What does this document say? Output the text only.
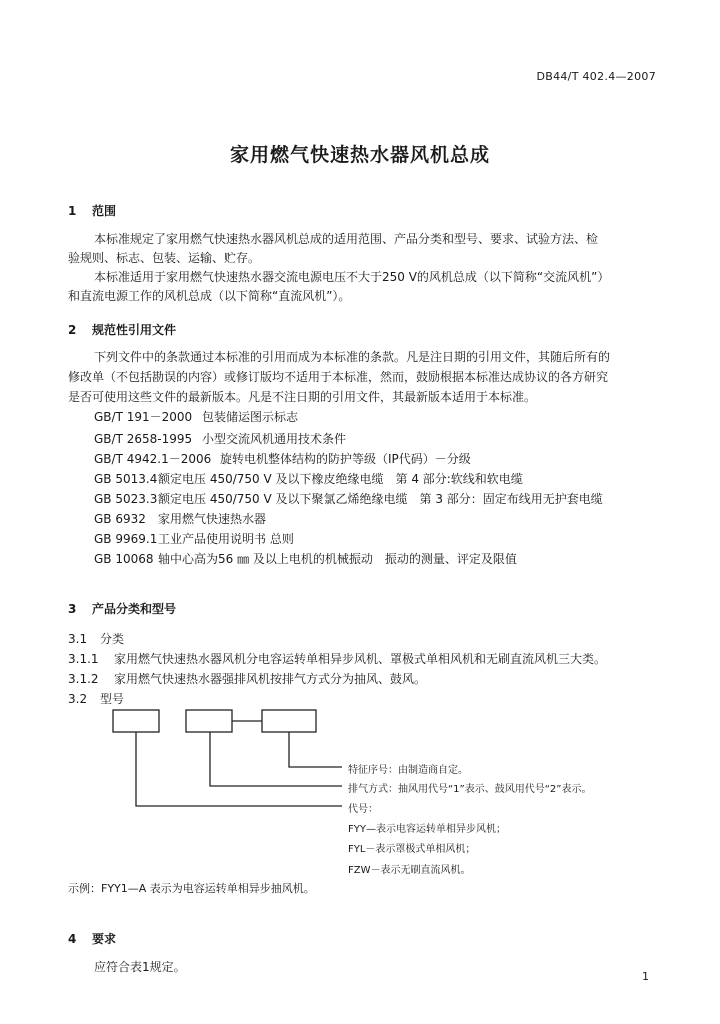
DB44/T 402.4—2007
家用燃气快速热水器风机总成
1 范围
本标准规定了家用燃气快速热水器风机总成的适用范围、产品分类和型号、要求、试验方法、检
验规则、标志、包装、运输、贮存。
本标准适用于家用燃气快速热水器交流电源电压不大于250 V的风机总成（以下简称“交流风机”）
和直流电源工作的风机总成（以下简称“直流风机”）。
2 规范性引用文件
下列文件中的条款通过本标准的引用而成为本标准的条款。凡是注日期的引用文件，其随后所有的
修改单（不包括勘误的内容）或修订版均不适用于本标准，然而，鼓励根据本标准达成协议的各方研究
是否可使用这些文件的最新版本。凡是不注日期的引用文件，其最新版本适用于本标准。
GB/T 191－2000 包装储运图示标志
GB/T 2658-1995 小型交流风机通用技术条件
GB/T 4942.1－2006 旋转电机整体结构的防护等级（IP代码）－分级
GB 5013.4额定电压 450/750 V 及以下橡皮绝缘电缆　第 4 部分:软线和软电缆
GB 5023.3额定电压 450/750 V 及以下聚氯乙烯绝缘电缆　第 3 部分：固定布线用无护套电缆
GB 6932 家用燃气快速热水器
GB 9969.1工业产品使用说明书 总则
GB 10068 轴中心高为56 ㎜ 及以上电机的机械振动　振动的测量、评定及限值
3 产品分类和型号
3.1 分类
3.1.1 家用燃气快速热水器风机分电容运转单相异步风机、罩极式单相风机和无刷直流风机三大类。
3.1.2 家用燃气快速热水器强排风机按排气方式分为抽风、鼓风。
3.2 型号
特征序号：由制造商自定。
排气方式：抽风用代号“1”表示、鼓风用代号“2”表示。
代号：
FYY—表示电容运转单相异步风机；
FYL－表示罩极式单相风机；
FZW－表示无刷直流风机。
示例：FYY1—A 表示为电容运转单相异步抽风机。
4 要求
应符合表1规定。
1
